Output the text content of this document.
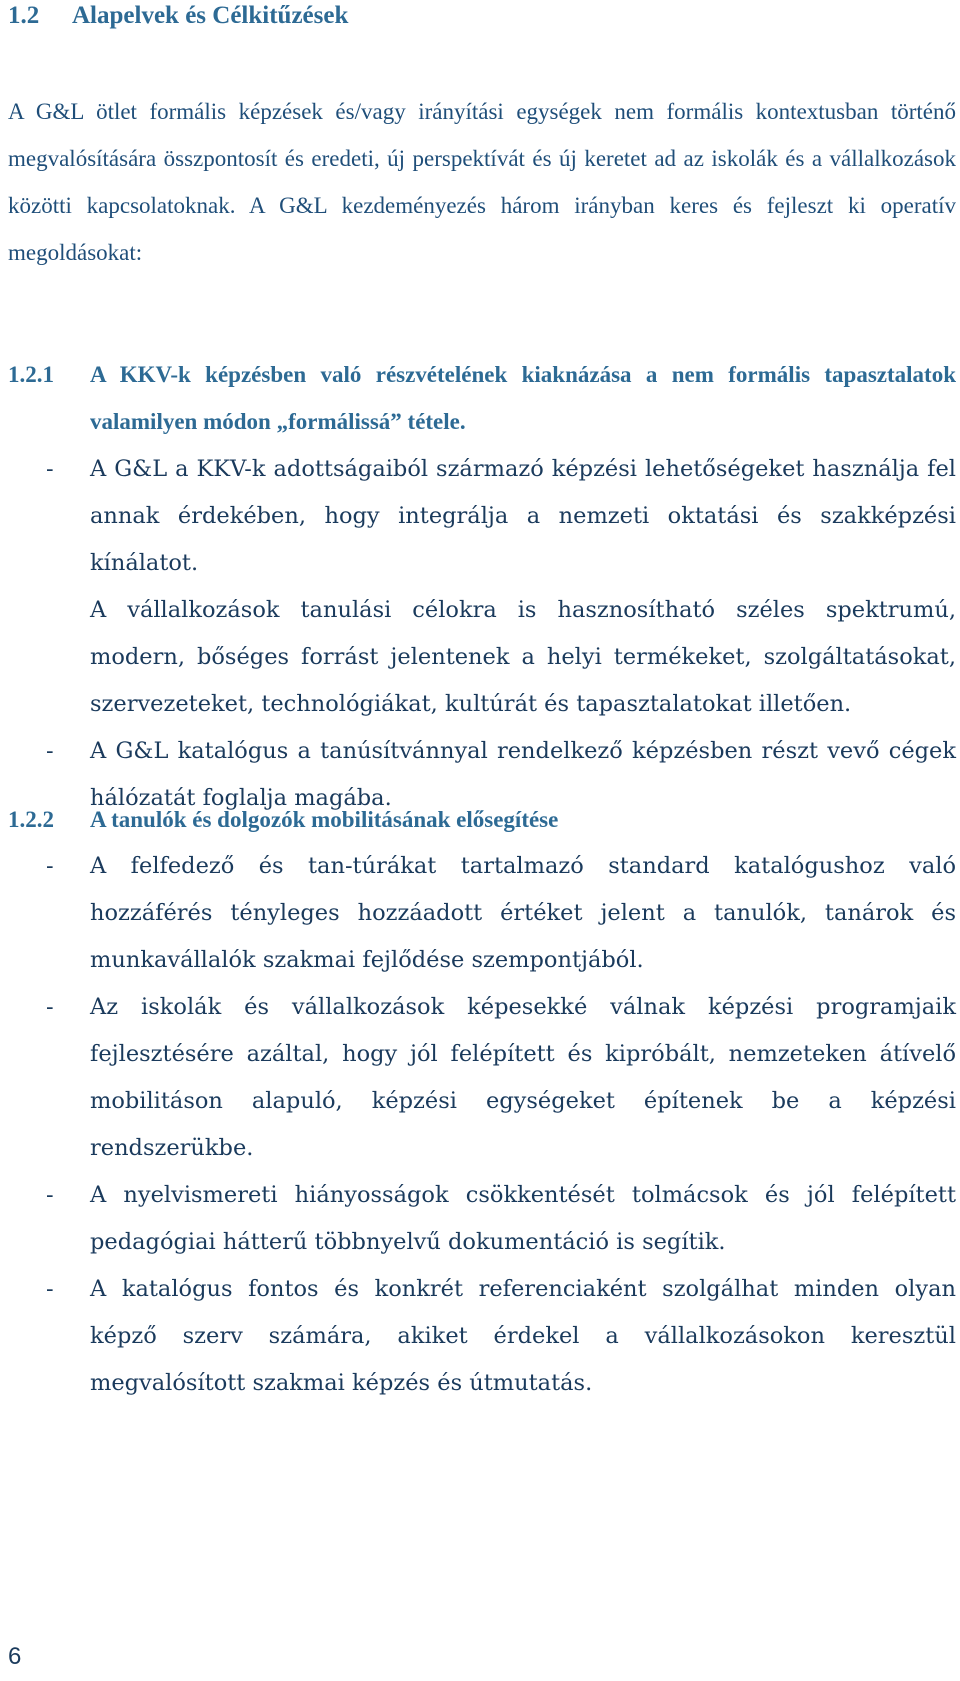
1.2 Alapelvek és Célkitűzések

A G&L ötlet formális képzések és/vagy irányítási egységek nem formális kontextusban történő megvalósítására összpontosít és eredeti, új perspektívát és új keretet ad az iskolák és a vállalkozások közötti kapcsolatoknak. A G&L kezdeményezés három irányban keres és fejleszt ki operatív megoldásokat:

1.2.1 A KKV-k képzésben való részvételének kiaknázása a nem formális tapasztalatok valamilyen módon „formálissá” tétele.
- A G&L a KKV-k adottságaiból származó képzési lehetőségeket használja fel annak érdekében, hogy integrálja a nemzeti oktatási és szakképzési kínálatot.
A vállalkozások tanulási célokra is hasznosítható széles spektrumú, modern, bőséges forrást jelentenek a helyi termékeket, szolgáltatásokat, szervezeteket, technológiákat, kultúrát és tapasztalatokat illetően.
- A G&L katalógus a tanúsítvánnyal rendelkező képzésben részt vevő cégek hálózatát foglalja magába.
1.2.2 A tanulók és dolgozók mobilitásának elősegítése
- A felfedező és tan-túrákat tartalmazó standard katalógushoz való hozzáférés tényleges hozzáadott értéket jelent a tanulók, tanárok és munkavállalók szakmai fejlődése szempontjából.
- Az iskolák és vállalkozások képesekké válnak képzési programjaik fejlesztésére azáltal, hogy jól felépített és kipróbált, nemzeteken átívelő mobilitáson alapuló, képzési egységeket építenek be a képzési rendszerükbe.
- A nyelvismereti hiányosságok csökkentését tolmácsok és jól felépített pedagógiai hátterű többnyelvű dokumentáció is segítik.
- A katalógus fontos és konkrét referenciaként szolgálhat minden olyan képző szerv számára, akiket érdekel a vállalkozásokon keresztül megvalósított szakmai képzés és útmutatás.
6
